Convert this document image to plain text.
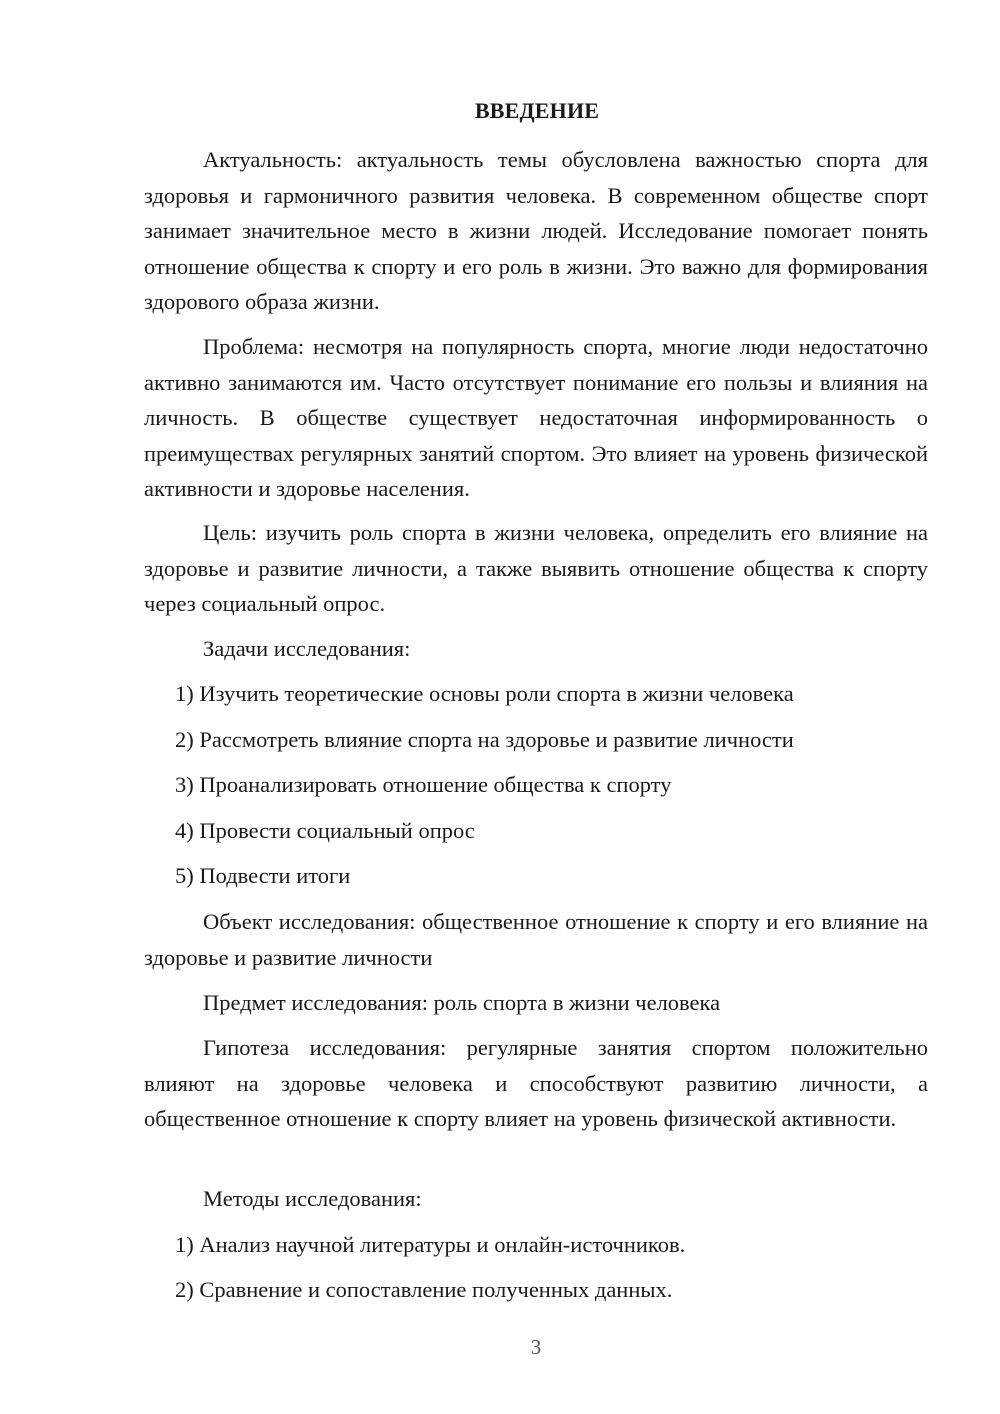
ВВЕДЕНИЕ

Актуальность: актуальность темы обусловлена важностью спорта для здоровья и гармоничного развития человека. В современном обществе спорт занимает значительное место в жизни людей. Исследование помогает понять отношение общества к спорту и его роль в жизни. Это важно для формирования здорового образа жизни.

Проблема: несмотря на популярность спорта, многие люди недостаточно активно занимаются им. Часто отсутствует понимание его пользы и влияния на личность. В обществе существует недостаточная информированность о преимуществах регулярных занятий спортом. Это влияет на уровень физической активности и здоровье населения.

Цель: изучить роль спорта в жизни человека, определить его влияние на здоровье и развитие личности, а также выявить отношение общества к спорту через социальный опрос.

Задачи исследования:

1) Изучить теоретические основы роли спорта в жизни человека

2) Рассмотреть влияние спорта на здоровье и развитие личности

3) Проанализировать отношение общества к спорту

4) Провести социальный опрос

5) Подвести итоги

Объект исследования: общественное отношение к спорту и его влияние на здоровье и развитие личности

Предмет исследования: роль спорта в жизни человека

Гипотеза исследования: регулярные занятия спортом положительно влияют на здоровье человека и способствуют развитию личности, а общественное отношение к спорту влияет на уровень физической активности.

Методы исследования:

1) Анализ научной литературы и онлайн-источников.

2) Сравнение и сопоставление полученных данных.

3
